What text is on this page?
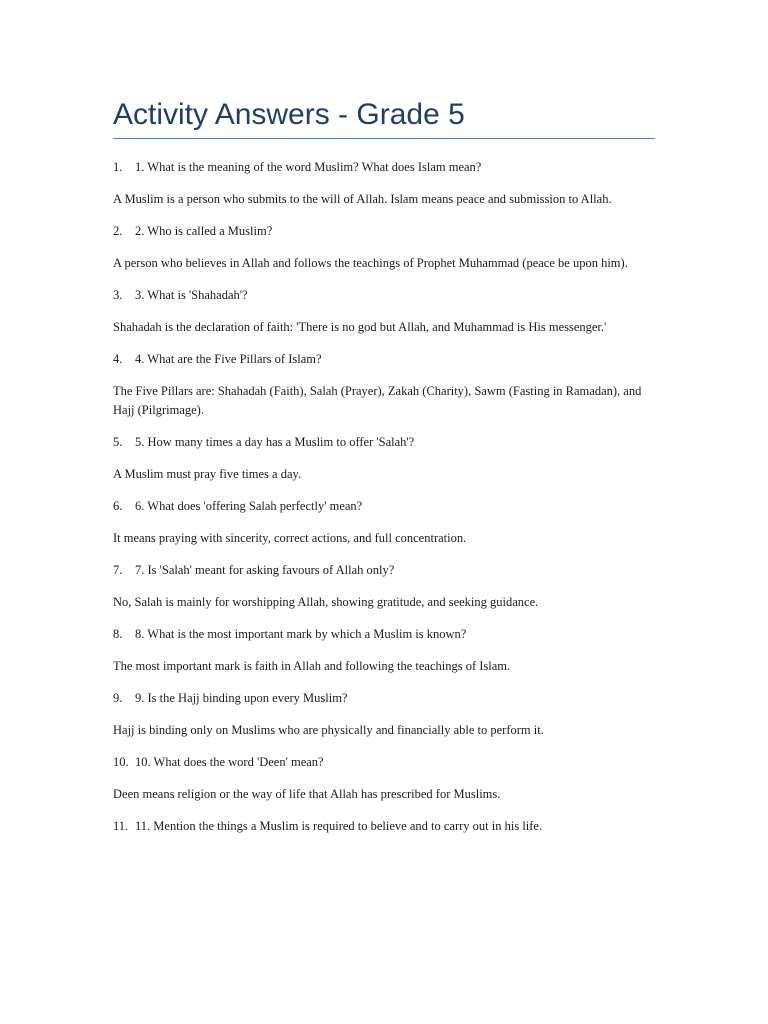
Activity Answers - Grade 5
1.	1. What is the meaning of the word Muslim? What does Islam mean?

A Muslim is a person who submits to the will of Allah. Islam means peace and submission to Allah.

2.	2. Who is called a Muslim?

A person who believes in Allah and follows the teachings of Prophet Muhammad (peace be upon him).

3.	3. What is 'Shahadah'?

Shahadah is the declaration of faith: 'There is no god but Allah, and Muhammad is His messenger.'

4.	4. What are the Five Pillars of Islam?

The Five Pillars are: Shahadah (Faith), Salah (Prayer), Zakah (Charity), Sawm (Fasting in Ramadan), and Hajj (Pilgrimage).

5.	5. How many times a day has a Muslim to offer 'Salah'?

A Muslim must pray five times a day.

6.	6. What does 'offering Salah perfectly' mean?

It means praying with sincerity, correct actions, and full concentration.

7.	7. Is 'Salah' meant for asking favours of Allah only?

No, Salah is mainly for worshipping Allah, showing gratitude, and seeking guidance.

8.	8. What is the most important mark by which a Muslim is known?

The most important mark is faith in Allah and following the teachings of Islam.

9.	9. Is the Hajj binding upon every Muslim?

Hajj is binding only on Muslims who are physically and financially able to perform it.

10. 10. What does the word 'Deen' mean?

Deen means religion or the way of life that Allah has prescribed for Muslims.

11. 11. Mention the things a Muslim is required to believe and to carry out in his life.
